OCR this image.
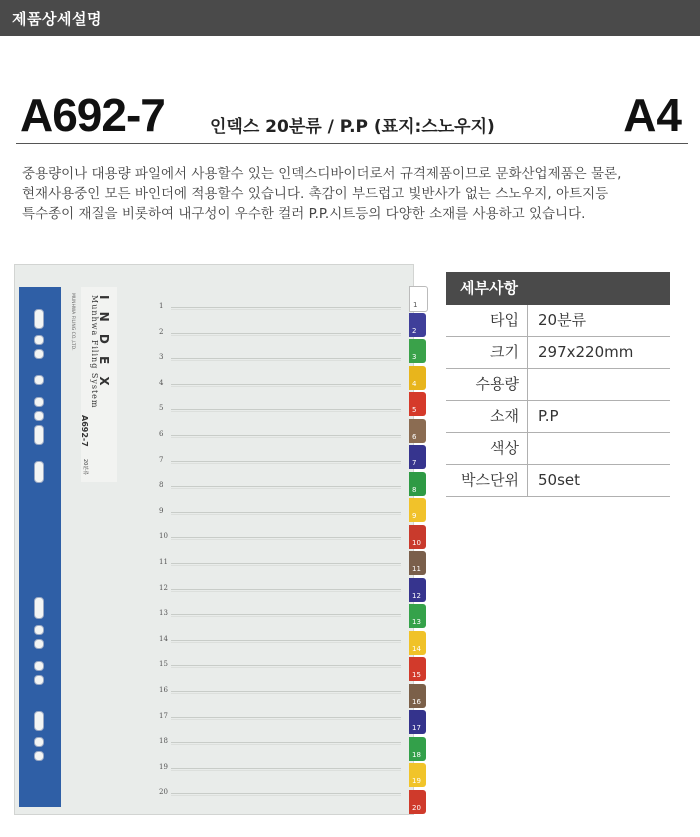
제품상세설명
A692-7	인덱스 20분류 / P.P (표지:스노우지)	A4
중용량이나 대용량 파일에서 사용할수 있는 인덱스디바이더로서 규격제품이므로 문화산업제품은 물론,
현재사용중인 모든 바인더에 적용할수 있습니다. 촉감이 부드럽고 빛반사가 없는 스노우지, 아트지등
특수종이 재질을 비롯하여 내구성이 우수한 컬러 P.P.시트등의 다양한 소재를 사용하고 있습니다.
I N D E X
Munhwa Filing System
A692-7
20분류
MUNHWA FILING CO.,LTD.	1
2
3
4
5
6
7
8
9
10
11
12
13
14
15
16
17
18
19
20
1
2
3
4
5
6
7
8
9
10
11
12
13
14
15
16
17
18
19
20
세부사항
타입	20분류
크기	297x220mm
수용량
소재	P.P
색상
박스단위	50set
